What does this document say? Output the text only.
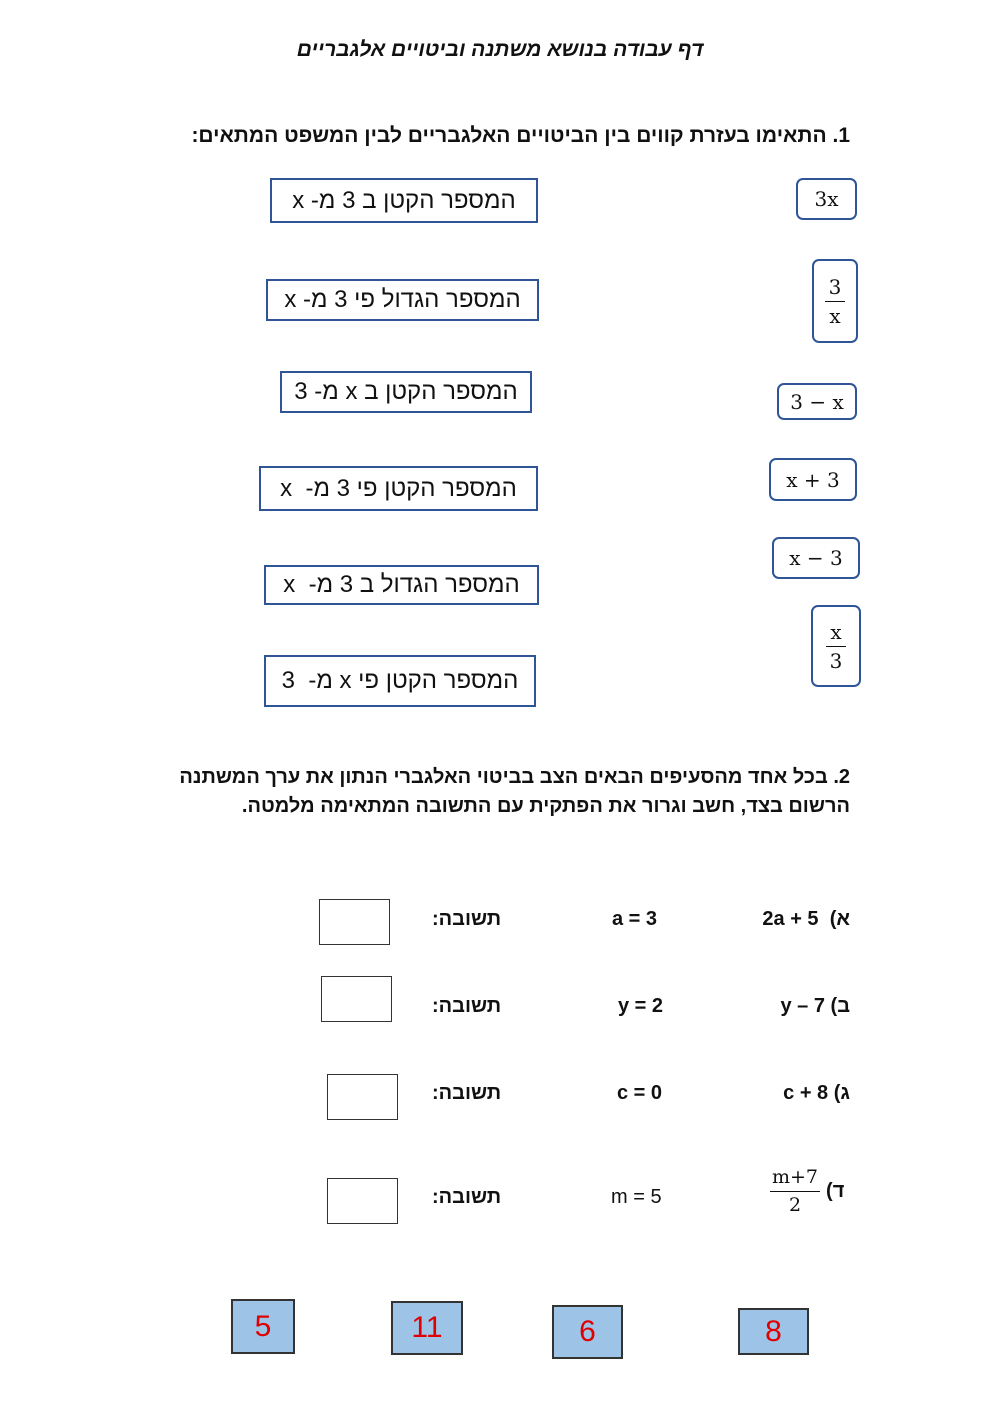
דף עבודה בנושא משתנה וביטויים אלגבריים
1. התאימו בעזרת קווים בין הביטויים האלגבריים לבין המשפט המתאים:
המספר הקטן ב 3 מ- x
המספר הגדול פי 3 מ- x
המספר הקטן ב x מ- 3
המספר הקטן פי 3 מ-  x
המספר הגדול ב 3 מ-  x
המספר הקטן פי x מ-  3
3x
$\frac{3}{x}$
3 − x
x + 3
x − 3
$\frac{x}{3}$
2. בכל אחד מהסעיפים הבאים הצב בביטוי האלגברי הנתון את ערך המשתנה הרשום בצד, חשב וגרור את הפתקית עם התשובה המתאימה מלמטה.
א)  2a + 5
a = 3
תשובה:
ב) 7 – y
y = 2
תשובה:
ג) c + 8
c = 0
תשובה:
$\frac{m+7}{2}$ ד)
m = 5
תשובה:
5	11	6	8
